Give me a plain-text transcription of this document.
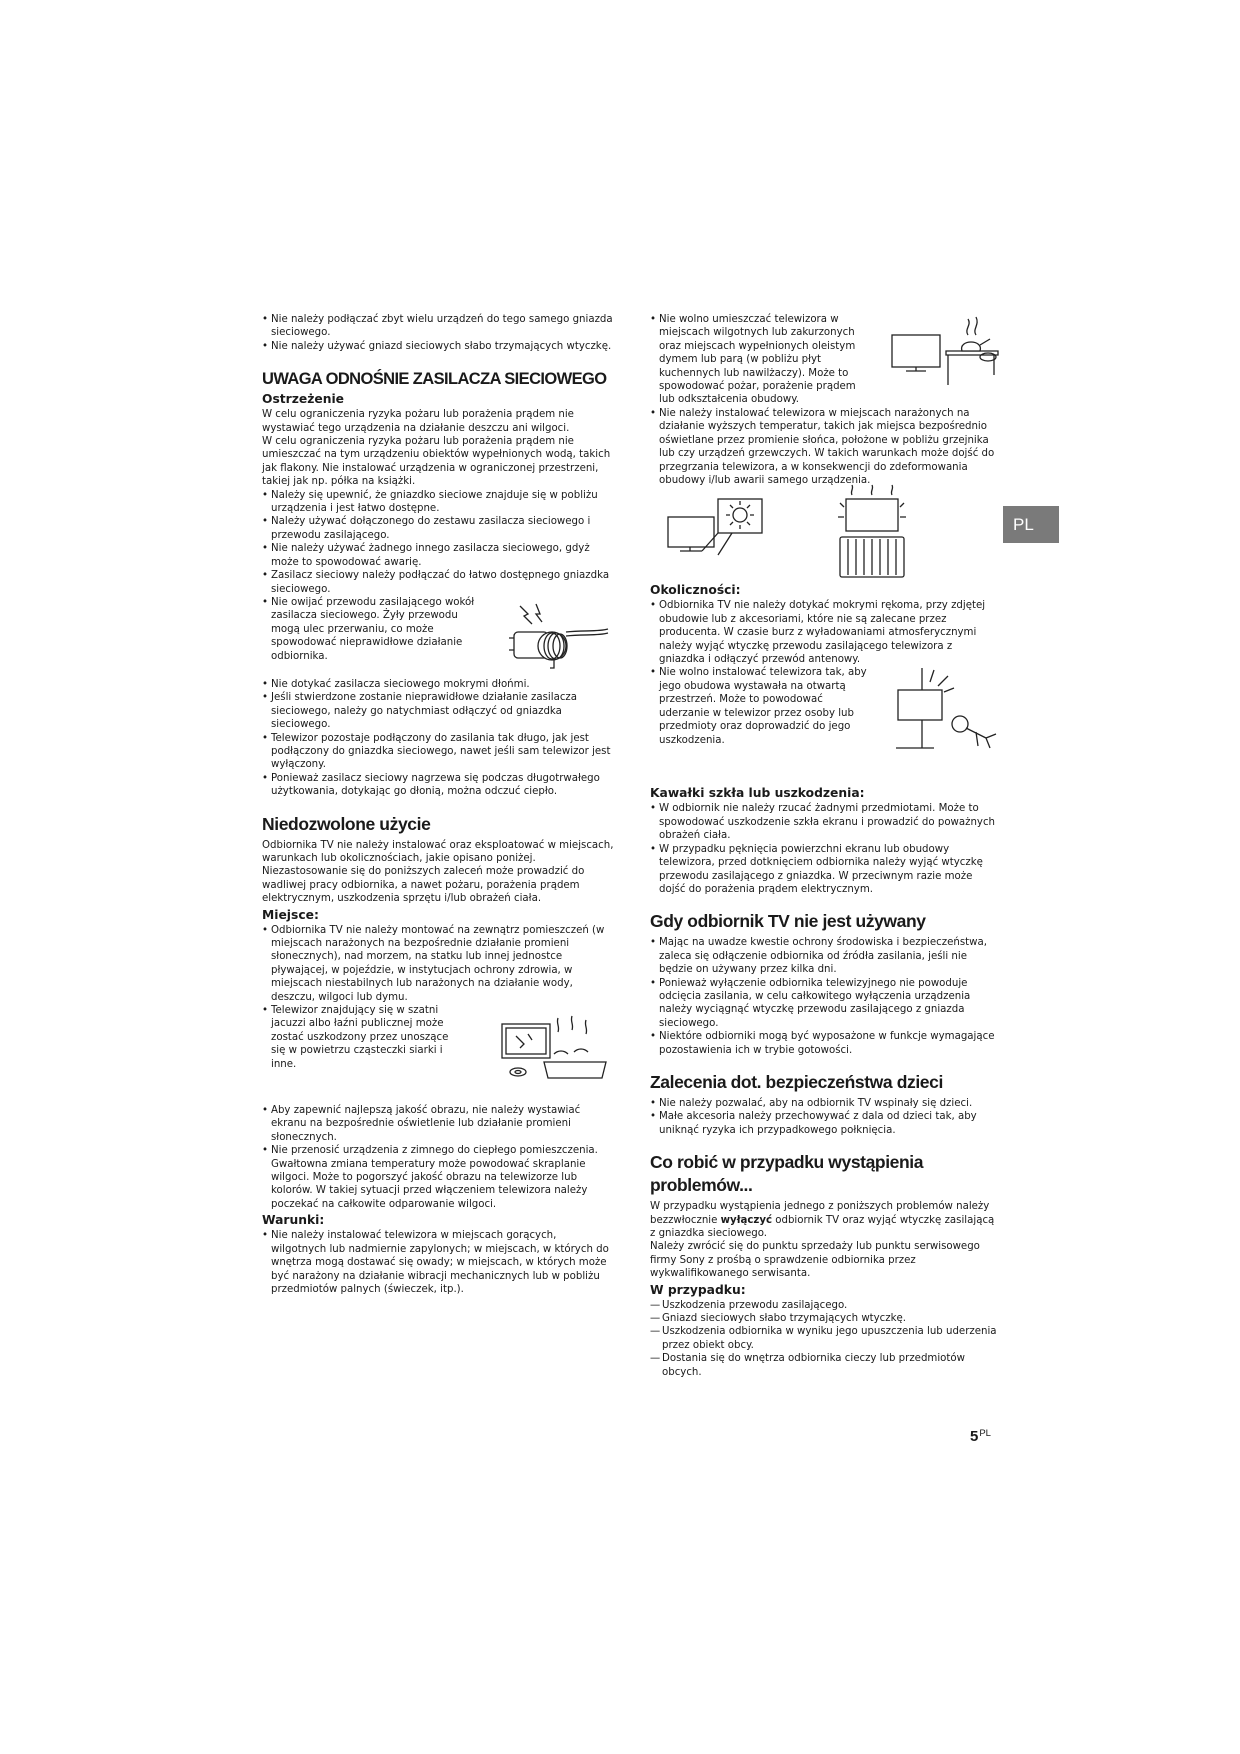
• Nie należy podłączać zbyt wielu urządzeń do tego samego gniazda sieciowego.
• Nie należy używać gniazd sieciowych słabo trzymających wtyczkę.
UWAGA ODNOŚNIE ZASILACZA SIECIOWEGO
Ostrzeżenie

W celu ograniczenia ryzyka pożaru lub porażenia prądem nie wystawiać tego urządzenia na działanie deszczu ani wilgoci.

W celu ograniczenia ryzyka pożaru lub porażenia prądem nie umieszczać na tym urządzeniu obiektów wypełnionych wodą, takich jak flakony. Nie instalować urządzenia w ograniczonej przestrzeni, takiej jak np. półka na książki.

• Należy się upewnić, że gniazdko sieciowe znajduje się w pobliżu urządzenia i jest łatwo dostępne.
• Należy używać dołączonego do zestawu zasilacza sieciowego i przewodu zasilającego.
• Nie należy używać żadnego innego zasilacza sieciowego, gdyż może to spowodować awarię.
• Zasilacz sieciowy należy podłączać do łatwo dostępnego gniazdka sieciowego.
• Nie owijać przewodu zasilającego wokół zasilacza sieciowego. Żyły przewodu mogą ulec przerwaniu, co może spowodować nieprawidłowe działanie odbiornika.
• Nie dotykać zasilacza sieciowego mokrymi dłońmi.
• Jeśli stwierdzone zostanie nieprawidłowe działanie zasilacza sieciowego, należy go natychmiast odłączyć od gniazdka sieciowego.
• Telewizor pozostaje podłączony do zasilania tak długo, jak jest podłączony do gniazdka sieciowego, nawet jeśli sam telewizor jest wyłączony.
• Ponieważ zasilacz sieciowy nagrzewa się podczas długotrwałego użytkowania, dotykając go dłonią, można odczuć ciepło.
Niedozwolone użycie

Odbiornika TV nie należy instalować oraz eksploatować w miejscach, warunkach lub okolicznościach, jakie opisano poniżej. Niezastosowanie się do poniższych zaleceń może prowadzić do wadliwej pracy odbiornika, a nawet pożaru, porażenia prądem elektrycznym, uszkodzenia sprzętu i/lub obrażeń ciała.

Miejsce:
• Odbiornika TV nie należy montować na zewnątrz pomieszczeń (w miejscach narażonych na bezpośrednie działanie promieni słonecznych), nad morzem, na statku lub innej jednostce pływającej, w pojeździe, w instytucjach ochrony zdrowia, w miejscach niestabilnych lub narażonych na działanie wody, deszczu, wilgoci lub dymu.
• Telewizor znajdujący się w szatni jacuzzi albo łaźni publicznej może zostać uszkodzony przez unoszące się w powietrzu cząsteczki siarki i inne.
• Aby zapewnić najlepszą jakość obrazu, nie należy wystawiać ekranu na bezpośrednie oświetlenie lub działanie promieni słonecznych.
• Nie przenosić urządzenia z zimnego do ciepłego pomieszczenia. Gwałtowna zmiana temperatury może powodować skraplanie wilgoci. Może to pogorszyć jakość obrazu na telewizorze lub kolorów. W takiej sytuacji przed włączeniem telewizora należy poczekać na całkowite odparowanie wilgoci.
Warunki:
• Nie należy instalować telewizora w miejscach gorących, wilgotnych lub nadmiernie zapylonych; w miejscach, w których do wnętrza mogą dostawać się owady; w miejscach, w których może być narażony na działanie wibracji mechanicznych lub w pobliżu przedmiotów palnych (świeczek, itp.).
• Nie wolno umieszczać telewizora w miejscach wilgotnych lub zakurzonych oraz miejscach wypełnionych oleistym dymem lub parą (w pobliżu płyt kuchennych lub nawilżaczy). Może to spowodować pożar, porażenie prądem lub odkształcenia obudowy.
• Nie należy instalować telewizora w miejscach narażonych na działanie wyższych temperatur, takich jak miejsca bezpośrednio oświetlane przez promienie słońca, położone w pobliżu grzejnika lub czy urządzeń grzewczych. W takich warunkach może dojść do przegrzania telewizora, a w konsekwencji do zdeformowania obudowy i/lub awarii samego urządzenia.
Okoliczności:
• Odbiornika TV nie należy dotykać mokrymi rękoma, przy zdjętej obudowie lub z akcesoriami, które nie są zalecane przez producenta. W czasie burz z wyładowaniami atmosferycznymi należy wyjąć wtyczkę przewodu zasilającego telewizora z gniazdka i odłączyć przewód antenowy.
• Nie wolno instalować telewizora tak, aby jego obudowa wystawała na otwartą przestrzeń. Może to powodować uderzanie w telewizor przez osoby lub przedmioty oraz doprowadzić do jego uszkodzenia.
Kawałki szkła lub uszkodzenia:
• W odbiornik nie należy rzucać żadnymi przedmiotami. Może to spowodować uszkodzenie szkła ekranu i prowadzić do poważnych obrażeń ciała.
• W przypadku pęknięcia powierzchni ekranu lub obudowy telewizora, przed dotknięciem odbiornika należy wyjąć wtyczkę przewodu zasilającego z gniazdka. W przeciwnym razie może dojść do porażenia prądem elektrycznym.
Gdy odbiornik TV nie jest używany
• Mając na uwadze kwestie ochrony środowiska i bezpieczeństwa, zaleca się odłączenie odbiornika od źródła zasilania, jeśli nie będzie on używany przez kilka dni.
• Ponieważ wyłączenie odbiornika telewizyjnego nie powoduje odcięcia zasilania, w celu całkowitego wyłączenia urządzenia należy wyciągnąć wtyczkę przewodu zasilającego z gniazda sieciowego.
• Niektóre odbiorniki mogą być wyposażone w funkcje wymagające pozostawienia ich w trybie gotowości.
Zalecenia dot. bezpieczeństwa dzieci
• Nie należy pozwalać, aby na odbiornik TV wspinały się dzieci.
• Małe akcesoria należy przechowywać z dala od dzieci tak, aby uniknąć ryzyka ich przypadkowego połknięcia.
Co robić w przypadku wystąpienia problemów...

W przypadku wystąpienia jednego z poniższych problemów należy bezzwłocznie wyłączyć odbiornik TV oraz wyjąć wtyczkę zasilającą z gniazdka sieciowego.

Należy zwrócić się do punktu sprzedaży lub punktu serwisowego firmy Sony z prośbą o sprawdzenie odbiornika przez wykwalifikowanego serwisanta.

W przypadku:
— Uszkodzenia przewodu zasilającego.
— Gniazd sieciowych słabo trzymających wtyczkę.
— Uszkodzenia odbiornika w wyniku jego upuszczenia lub uderzenia przez obiekt obcy.
— Dostania się do wnętrza odbiornika cieczy lub przedmiotów obcych.
PL
$5^{PL}$
